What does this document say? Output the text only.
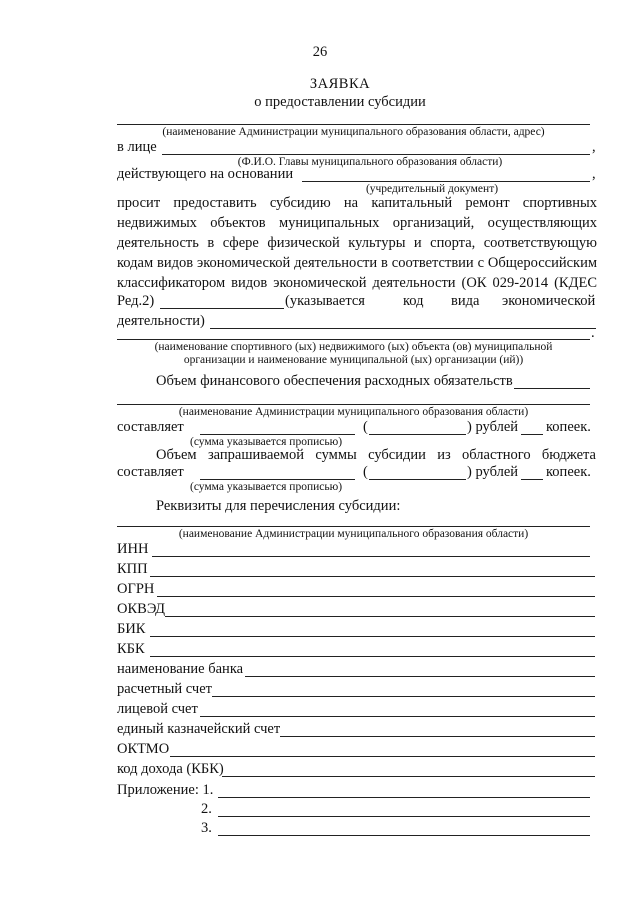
26
ЗАЯВКА
о предоставлении субсидии
(наименование Администрации муниципального образования области, адрес)
в лице	,
(Ф.И.О. Главы муниципального образования области)
действующего на основании	,
(учредительный документ)
просит предоставить субсидию на капитальный ремонт спортивных
недвижимых объектов муниципальных организаций, осуществляющих
деятельность в сфере физической культуры и спорта, соответствующую
кодам видов экономической деятельности в соответствии с Общероссийским
классификатором видов экономической деятельности (ОК 029-2014 (КДЕС
Ред.2)	(указывается	код вида экономической
деятельности)
.
(наименование спортивного (ых) недвижимого (ых) объекта (ов) муниципальной
организации и наименование муниципальной (ых) организации (ий))
Объем финансового обеспечения расходных обязательств
(наименование Администрации муниципального образования области)
составляет	(	) рублей копеек.
(сумма указывается прописью)
Объем запрашиваемой суммы субсидии из областного бюджета
составляет	(	) рублей копеек.
(сумма указывается прописью)
Реквизиты для перечисления субсидии:
(наименование Администрации муниципального образования области)
ИНН
КПП
ОГРН
ОКВЭД
БИК
КБК
наименование банка
расчетный счет
лицевой счет
единый казначейский счет
ОКТМО
код дохода (КБК)
Приложение: 1.
2.
3.
